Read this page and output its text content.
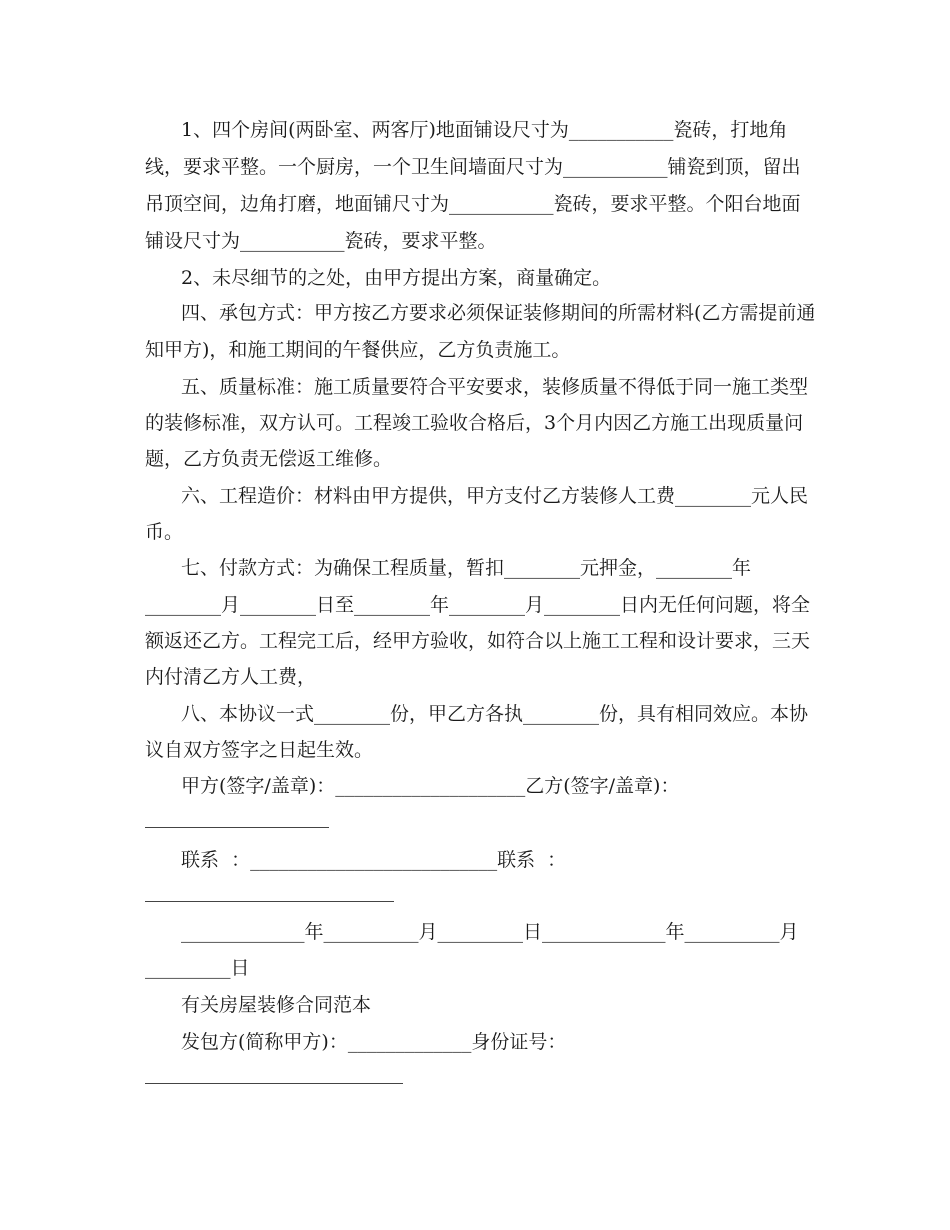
1、四个房间(两卧室、两客厅)地面铺设尺寸为___________瓷砖，打地角
线，要求平整。一个厨房，一个卫生间墙面尺寸为___________铺瓷到顶，留出
吊顶空间，边角打磨，地面铺尺寸为___________瓷砖，要求平整。个阳台地面
铺设尺寸为___________瓷砖，要求平整。
2、未尽细节的之处，由甲方提出方案，商量确定。
四、承包方式：甲方按乙方要求必须保证装修期间的所需材料(乙方需提前通
知甲方)，和施工期间的午餐供应，乙方负责施工。
五、质量标准：施工质量要符合平安要求，装修质量不得低于同一施工类型
的装修标准，双方认可。工程竣工验收合格后，3个月内因乙方施工出现质量问
题，乙方负责无偿返工维修。
六、工程造价：材料由甲方提供，甲方支付乙方装修人工费________元人民
币。
七、付款方式：为确保工程质量，暂扣________元押金，________年
________月________日至________年________月________日内无任何问题，将全
额返还乙方。工程完工后，经甲方验收，如符合以上施工工程和设计要求，三天
内付清乙方人工费，
八、本协议一式________份，甲乙方各执________份，具有相同效应。本协
议自双方签字之日起生效。
甲方(签字/盖章)：____________________乙方(签字/盖章)：
联系  ：__________________________联系  ：
_____________年__________月_________日_____________年__________月
_________日
有关房屋装修合同范本
发包方(简称甲方)：_____________身份证号：
